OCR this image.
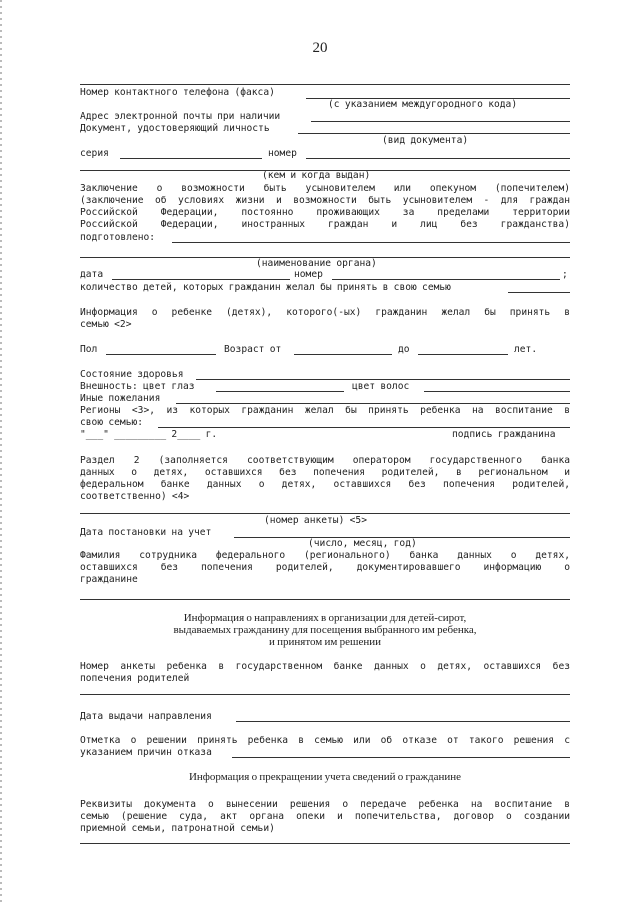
20
Номер контактного телефона (факса)
(с указанием междугородного кода)
Адрес электронной почты при наличии
Документ, удостоверяющий личность
(вид документа)
серия	номер
(кем и когда выдан)
Заключение о возможности быть усыновителем или опекуном (попечителем)
(заключение об условиях жизни и возможности быть усыновителем - для граждан
Российской Федерации, постоянно проживающих за пределами территории
Российской Федерации, иностранных граждан и лиц без гражданства)
подготовлено:
(наименование органа)
дата	номер	;
количество детей, которых гражданин желал бы принять в свою семью
Информация о ребенке (детях), которого(-ых) гражданин желал бы принять в
семью <2>
Пол	Возраст от	до	лет.
Состояние здоровья
Внешность: цвет глаз	цвет волос
Иные пожелания
Регионы <3>, из которых гражданин желал бы принять ребенка на воспитание в
свою семью:
"___" _________ 2____ г.	подпись гражданина
Раздел 2 (заполняется соответствующим оператором государственного банка
данных о детях, оставшихся без попечения родителей, в региональном и
федеральном банке данных о детях, оставшихся без попечения родителей,
соответственно) <4>
(номер анкеты) <5>
Дата постановки на учет
(число, месяц, год)
Фамилия сотрудника федерального (регионального) банка данных о детях,
оставшихся без попечения родителей, документировавшего информацию о
гражданине
Информация о направлениях в организации для детей-сирот,
выдаваемых гражданину для посещения выбранного им ребенка,
и принятом им решении
Номер анкеты ребенка в государственном банке данных о детях, оставшихся без
попечения родителей
Дата выдачи направления
Отметка о решении принять ребенка в семью или об отказе от такого решения с
указанием причин отказа
Информация о прекращении учета сведений о гражданине
Реквизиты документа о вынесении решения о передаче ребенка на воспитание в
семью (решение суда, акт органа опеки и попечительства, договор о создании
приемной семьи, патронатной семьи)
